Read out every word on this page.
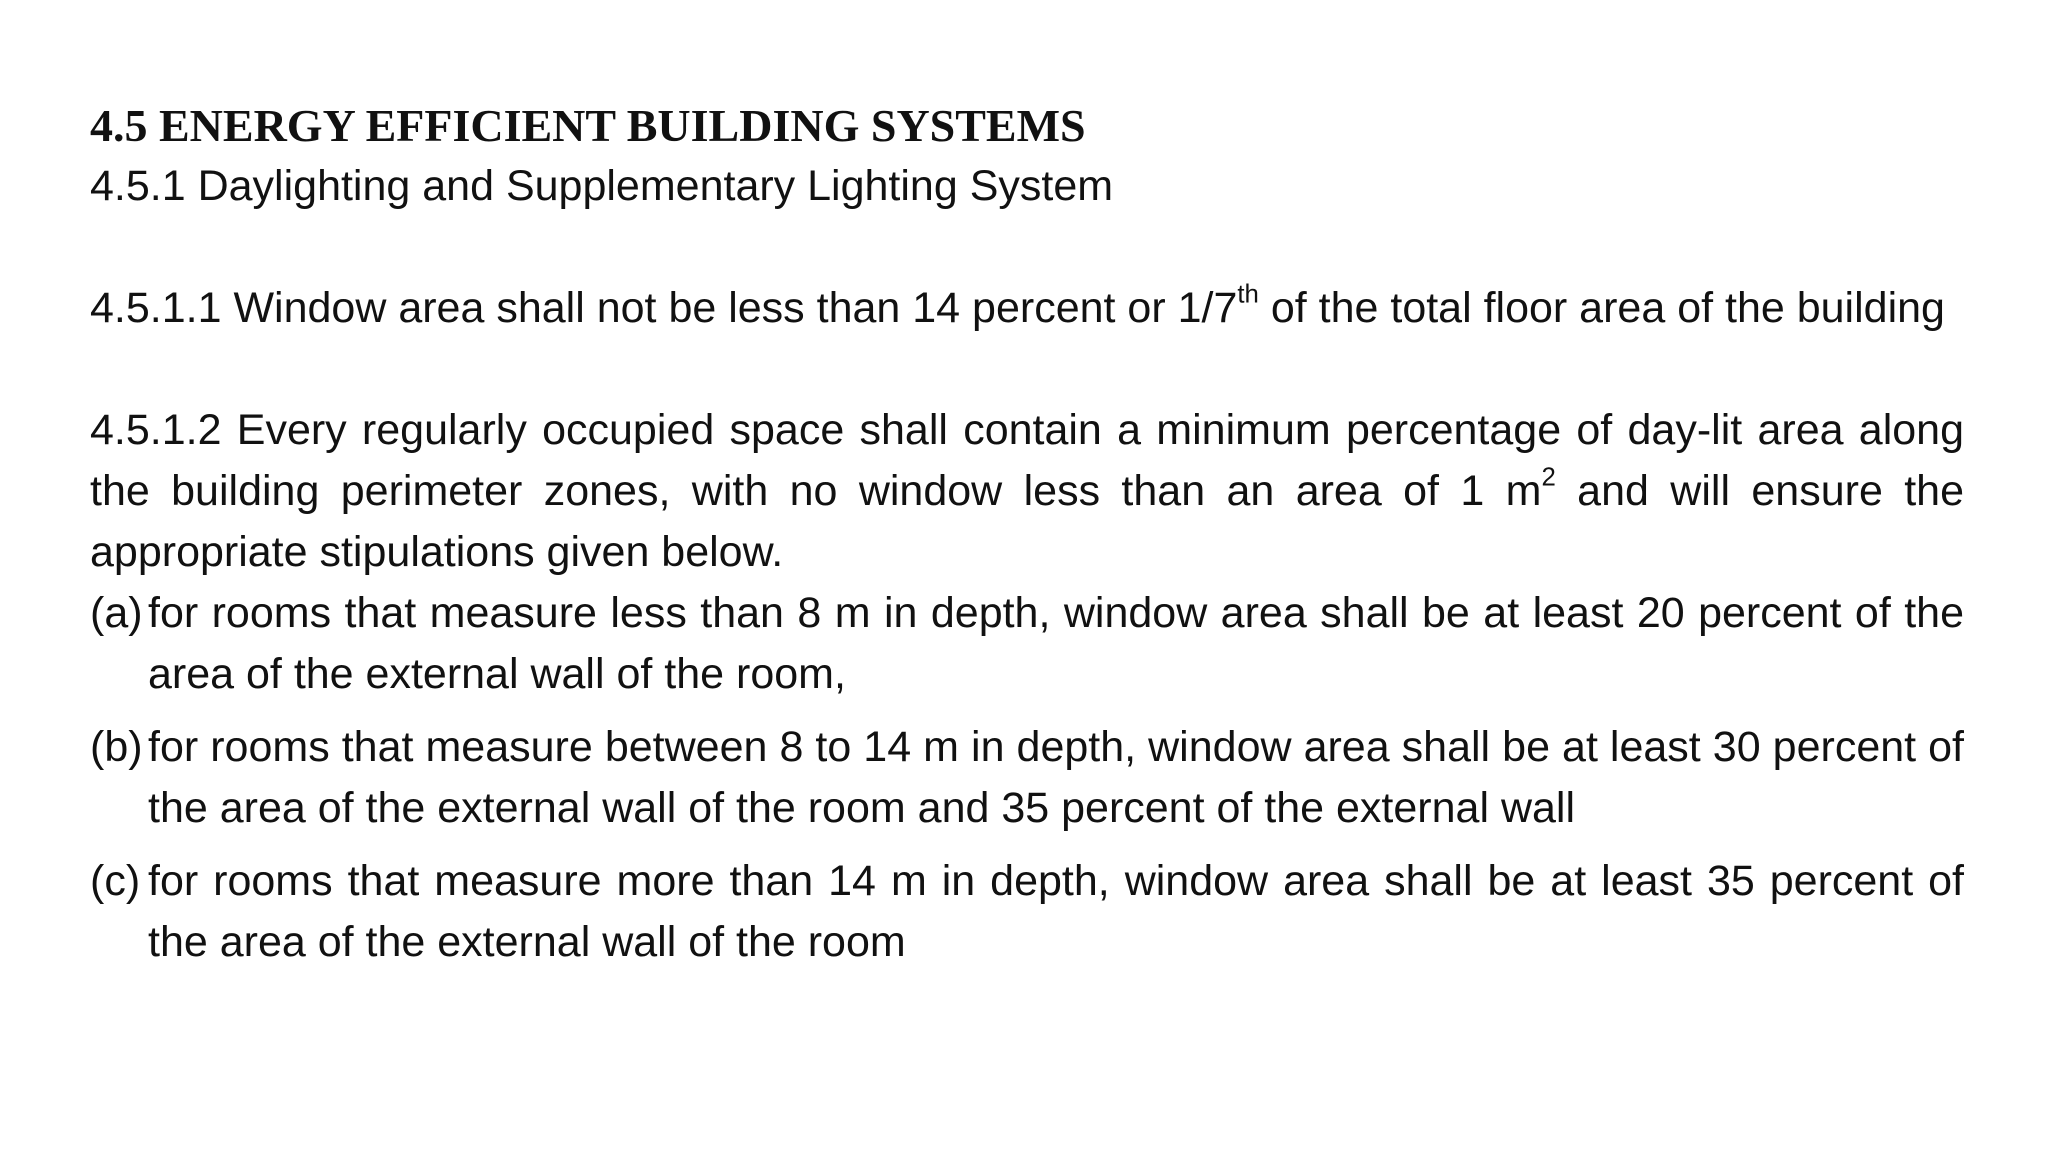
4.5 ENERGY EFFICIENT BUILDING SYSTEMS
4.5.1 Daylighting and Supplementary Lighting System

4.5.1.1 Window area shall not be less than 14 percent or 1/7th of the total floor area of the building

4.5.1.2 Every regularly occupied space shall contain a minimum percentage of day-lit area along the building perimeter zones, with no window less than an area of 1 $m^2$ and will ensure the appropriate stipulations given below.

(a) for rooms that measure less than 8 m in depth, window area shall be at least 20 percent of the area of the external wall of the room,
(b) for rooms that measure between 8 to 14 m in depth, window area shall be at least 30 percent of the area of the external wall of the room and 35 percent of the external wall
(c) for rooms that measure more than 14 m in depth, window area shall be at least 35 percent of the area of the external wall of the room
